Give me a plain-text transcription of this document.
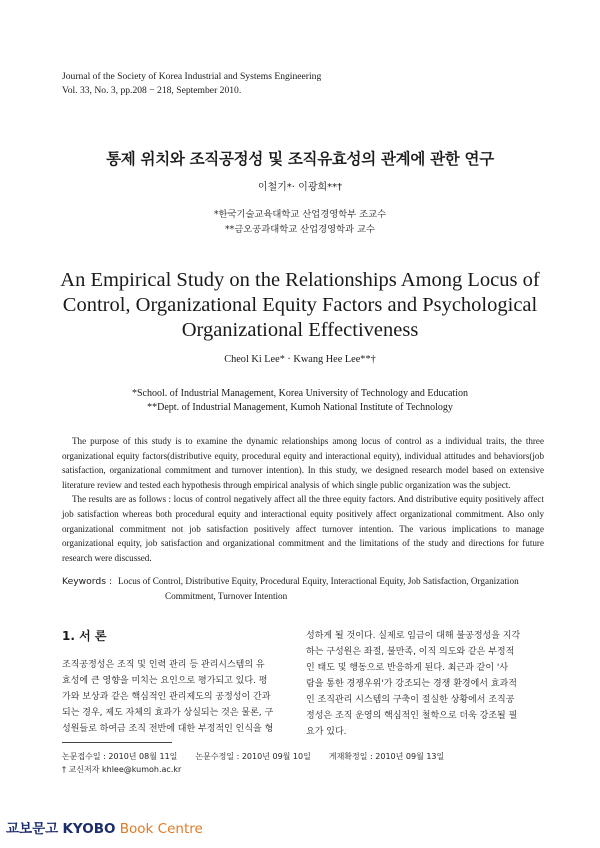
Journal of the Society of Korea Industrial and Systems Engineering
Vol. 33, No. 3, pp.208 − 218, September 2010.
통제 위치와 조직공정성 및 조직유효성의 관계에 관한 연구
이철기*· 이광희**†
*한국기술교육대학교 산업경영학부 조교수
**금오공과대학교 산업경영학과 교수
An Empirical Study on the Relationships Among Locus of
Control, Organizational Equity Factors and Psychological
Organizational Effectiveness
Cheol Ki Lee* · Kwang Hee Lee**†
*School. of Industrial Management, Korea University of Technology and Education
**Dept. of Industrial Management, Kumoh National Institute of Technology

The purpose of this study is to examine the dynamic relationships among locus of control as a individual traits, the three organizational equity factors(distributive equity, procedural equity and interactional equity), individual attitudes and behaviors(job satisfaction, organizational commitment and turnover intention). In this study, we designed research model based on extensive literature review and tested each hypothesis through empirical analysis of which single public organization was the subject.

The results are as follows : locus of control negatively affect all the three equity factors. And distributive equity positively affect job satisfaction whereas both procedural equity and interactional equity positively affect organizational commitment. Also only organizational commitment not job satisfaction positively affect turnover intention. The various implications to manage organizational equity, job satisfaction and organizational commitment and the limitations of the study and directions for future research were discussed.

Keywords : Locus of Control, Distributive Equity, Procedural Equity, Interactional Equity, Job Satisfaction, Organization
Commitment, Turnover Intention
1. 서 론
조직공정성은 조직 및 인력 관리 등 관리시스템의 유
효성에 큰 영향을 미치는 요인으로 평가되고 있다. 평
가와 보상과 같은 핵심적인 관리제도의 공정성이 간과
되는 경우, 제도 자체의 효과가 상실되는 것은 물론, 구
성원들로 하여금 조직 전반에 대한 부정적인 인식을 형
성하게 될 것이다. 실제로 임금이 대해 불공정성을 지각
하는 구성원은 좌절, 불만족, 이직 의도와 같은 부정적
인 태도 및 행동으로 반응하게 된다. 최근과 같이 '사
람을 통한 경쟁우위'가 강조되는 경쟁 환경에서 효과적
인 조직관리 시스템의 구축이 절실한 상황에서 조직공
정성은 조직 운영의 핵심적인 철학으로 더욱 강조될 필
요가 있다.
논문접수일 : 2010년 08월 11일 논문수정일 : 2010년 09월 10일 게재확정일 : 2010년 09월 13일
† 교신저자 khlee@kumoh.ac.kr
교보문고 KYOBO Book Centre
